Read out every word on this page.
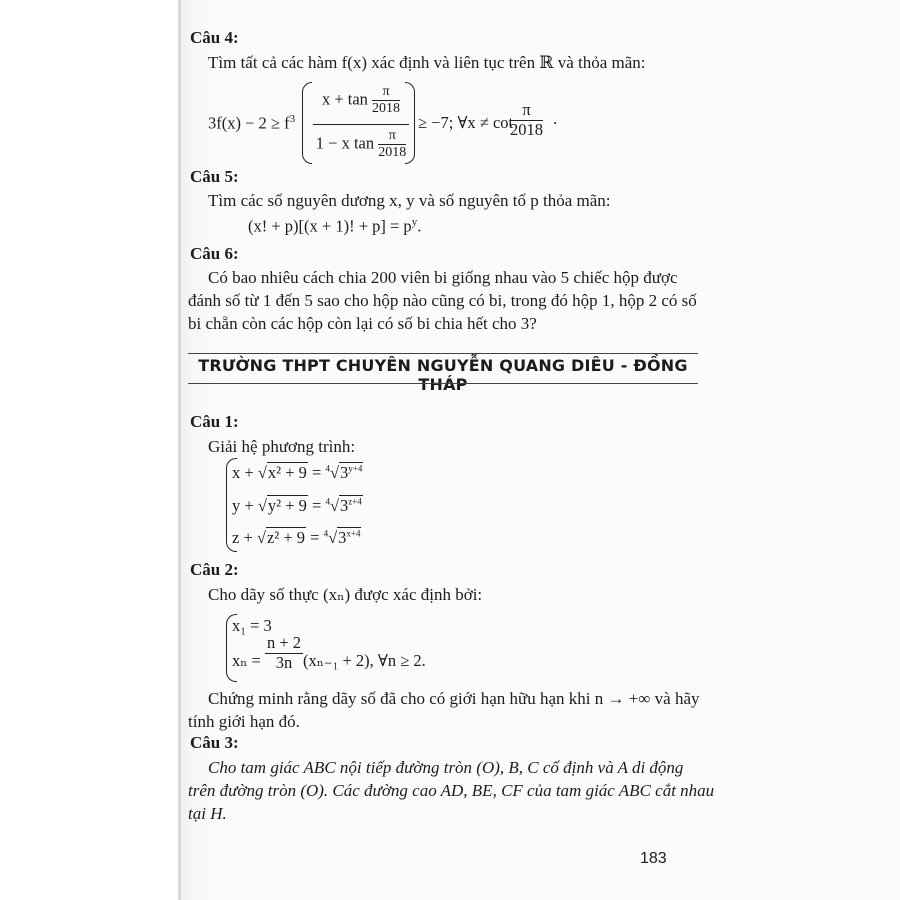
Câu 4:
Tìm tất cả các hàm f(x) xác định và liên tục trên ℝ và thỏa mãn:
$3f(x) - 2 \ge f^3$
$x + \tan \frac{\pi}{2018}$
1 − x $\tan \frac{\pi}{2018}$
≥ −7; ∀x ≠ cot
$\frac{\pi}{2018}$ .
Câu 5:
Tìm các số nguyên dương x, y và số nguyên tố p thỏa mãn:
(x! + p)[(x + 1)! + $p] = p^y$.
Câu 6:
Có bao nhiêu cách chia 200 viên bi giống nhau vào 5 chiếc hộp được
đánh số từ 1 đến 5 sao cho hộp nào cũng có bi, trong đó hộp 1, hộp 2 có số
bi chẵn còn các hộp còn lại có số bi chia hết cho 3?
TRƯỜNG THPT CHUYÊN NGUYỄN QUANG DIÊU - ĐỒNG THÁP
Câu 1:
Giải hệ phương trình:
$x + √x^2 + 9 = ^4√3^{y+4}$
$y + √y^2 + 9 = ^4√3^{z+4}$
$z + √z^2 + 9 = ^4√3^{x+4}$
Câu 2:
Cho dãy số thực (xₙ) được xác định bởi:
x₁ = 3
$x_n = \frac{n + 2}{3n} (x_{n-1} + 2)$, ∀n ≥ 2.
Chứng minh rằng dãy số đã cho có giới hạn hữu hạn khi n → +∞ và hãy
tính giới hạn đó.
Câu 3:
Cho tam giác ABC nội tiếp đường tròn (O), B, C cố định và A di động
trên đường tròn (O). Các đường cao AD, BE, CF của tam giác ABC cắt nhau
tại H.
183
